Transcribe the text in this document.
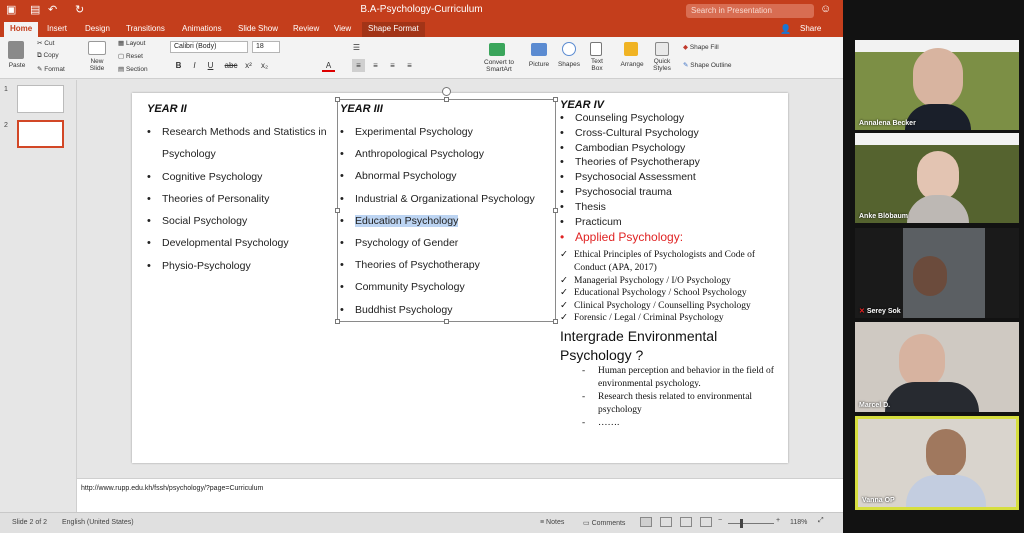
▣ ▤ ↶ ↻	B.A-Psychology-Curriculum	Search in Presentation	☺
Home	Insert Design Transitions Animations Slide Show Review View	Shape Format	👤 Share
Paste
✂ Cut
⧉ Copy
✎ Format
New
Slide
▦ Layout
▢ Reset
▤ Section
Calibri (Body)	18
B	I	U	abc x²	x₂	A
☰
≡	≡	≡	≡	Convert to
SmartArt
Picture	Shapes	Text
Box
Arrange	Quick
Styles
◆ Shape Fill
✎ Shape Outline
1
2
YEAR II
• Research Methods and Statistics in Psychology
• Cognitive Psychology
• Theories of Personality
• Social Psychology
• Developmental Psychology
• Physio-Psychology
YEAR III
• Experimental Psychology
• Anthropological Psychology
• Abnormal Psychology
• Industrial & Organizational Psychology
• Education Psychology
• Psychology of Gender
• Theories of Psychotherapy
• Community Psychology
• Buddhist Psychology
YEAR IV
• Counseling Psychology
• Cross-Cultural Psychology
• Cambodian Psychology
• Theories of Psychotherapy
• Psychosocial Assessment
• Psychosocial trauma
• Thesis
• Practicum
• Applied Psychology:
✓ Ethical Principles of Psychologists and Code of Conduct (APA, 2017)
✓ Managerial Psychology / I/O Psychology
✓ Educational Psychology / School Psychology
✓ Clinical Psychology / Counselling Psychology
✓ Forensic / Legal / Criminal Psychology
Intergrade Environmental Psychology ?
- Human perception and behavior in the field of environmental psychology.
- Research thesis related to environmental psychology
- …….
http://www.rupp.edu.kh/fssh/psychology/?page=Curriculum
Slide 2 of 2 English (United States)	≡ Notes	▭ Comments	−	+ 118% ⤢
Annalena Becker
Anke Blöbaum
✕ Serey Sok
Marcel D.
Vanna OP
